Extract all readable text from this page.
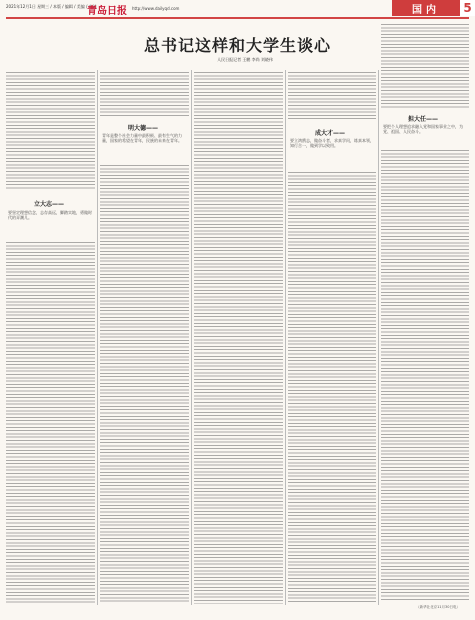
2021年12月1日 星期三 / 本版 / 编辑 / 美编 / 审读
青岛日报 http://www.dailyqd.com	国内	5
总书记这样和大学生谈心
人民日报记者 王鹏 李尚 刘晓伟
立大志——
要坚定理想信念，志存高远，脚踏实地，勇做时代的弄潮儿。
明大德——
青年是整个社会力量中最积极、最有生气的力量，国家的希望在青年，民族的未来在青年。
成大才——
要立鸿鹄志，做奋斗者，求真学问，练真本领，知行合一，做到学以致用。
担大任——
要把个人理想追求融入党和国家事业之中，为党、祖国、人民奋斗。
（新华社北京11月30日电）
